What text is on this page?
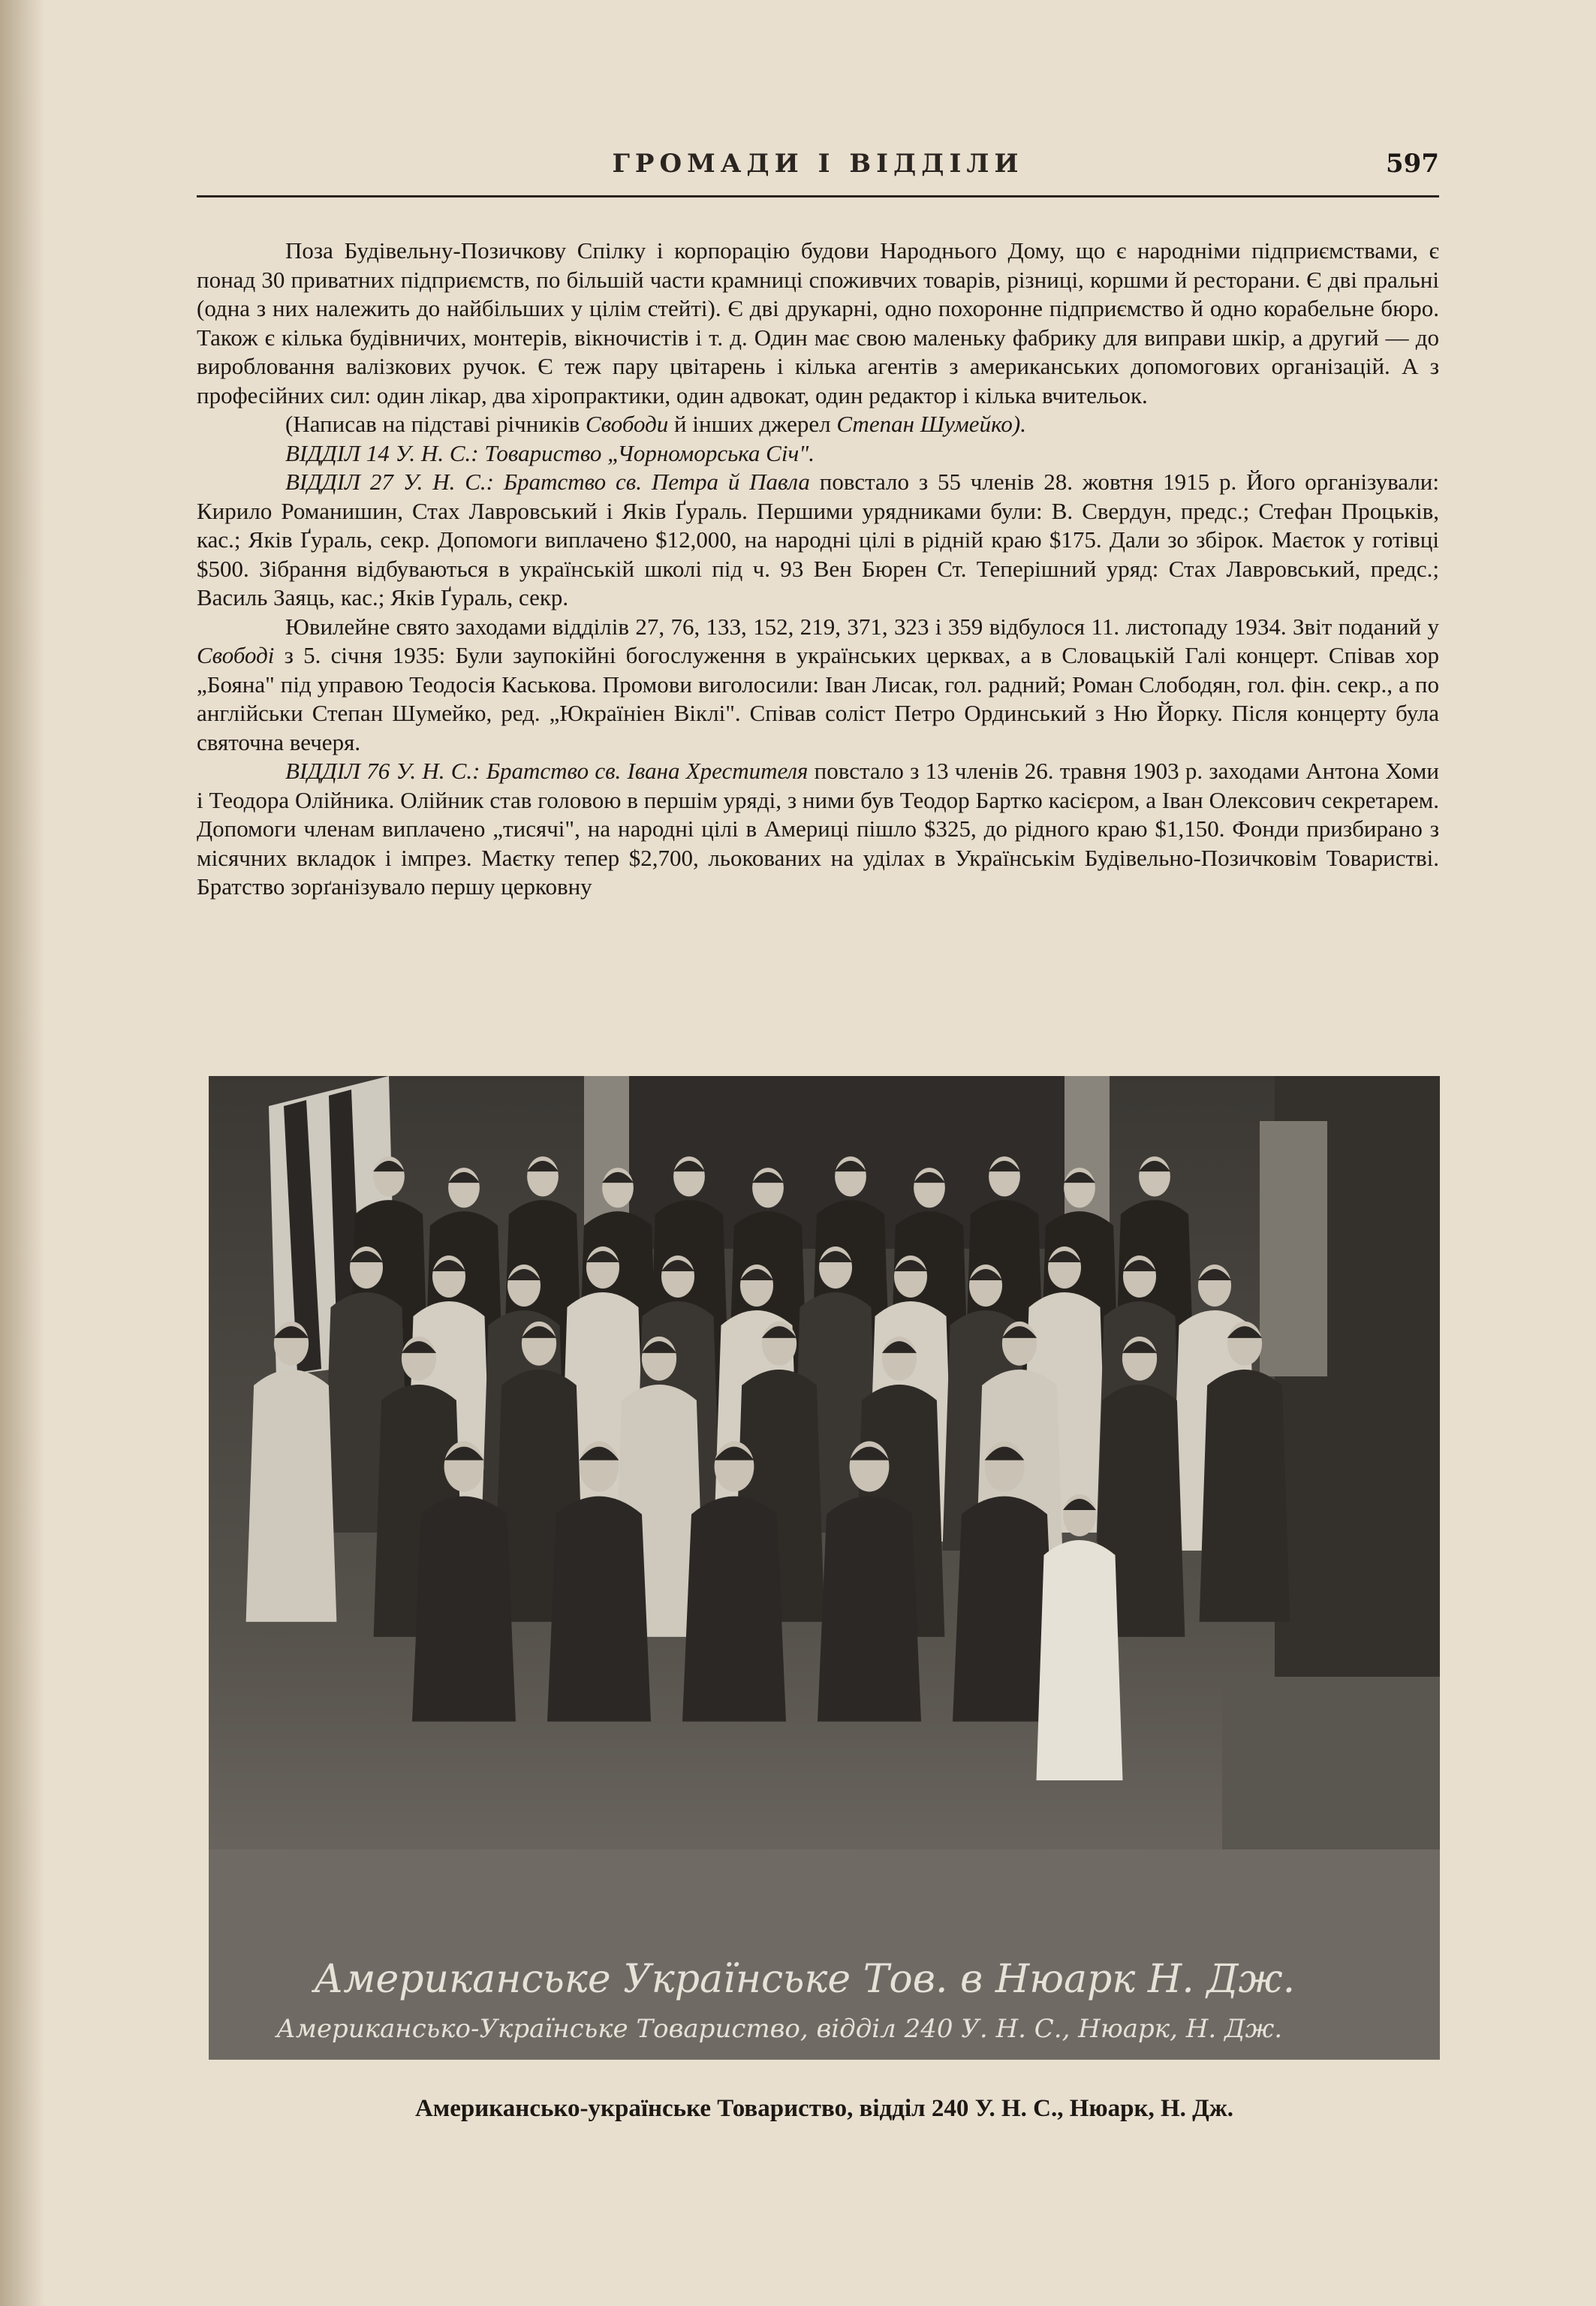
ГРОМАДИ І ВІДДІЛИ	597

Поза Будівельну-Позичкову Спілку і корпорацію будови Народнього Дому, що є народніми підприємствами, є понад 30 приватних підприємств, по більшій части крамниці споживчих товарів, різниці, коршми й ресторани. Є дві пральні (одна з них належить до найбільших у цілім стейті). Є дві друкарні, одно похоронне підприємство й одно корабельне бюро. Також є кілька будівничих, монтерів, вікночистів і т. д. Один має свою маленьку фабрику для виправи шкір, а другий — до виробловання валізкових ручок. Є теж пару цвітарень і кілька агентів з американських допомогових організацій. А з професійних сил: один лікар, два хіропрактики, один адвокат, один редактор і кілька вчительок.

(Написав на підставі річників Свободи й інших джерел Степан Шумейко).

ВІДДІЛ 14 У. Н. С.: Товариство „Чорноморська Січ".

ВІДДІЛ 27 У. Н. С.: Братство св. Петра й Павла повстало з 55 членів 28. жовтня 1915 р. Його організували: Кирило Романишин, Стах Лавровський і Яків Ґураль. Першими урядниками були: В. Свердун, предс.; Стефан Процьків, кас.; Яків Ґураль, секр. Допомоги виплачено $12,000, на народні цілі в рідній краю $175. Дали зо збірок. Маєток у готівці $500. Зібрання відбуваються в українській школі під ч. 93 Вен Бюрен Ст. Теперішний уряд: Стах Лавровський, предс.; Василь Заяць, кас.; Яків Ґураль, секр.

Ювилейне свято заходами відділів 27, 76, 133, 152, 219, 371, 323 і 359 відбулося 11. листопаду 1934. Звіт поданий у Свободі з 5. січня 1935: Були заупокійні богослуження в українських церквах, а в Словацькій Галі концерт. Співав хор „Бояна" під управою Теодосія Каськова. Промови виголосили: Іван Лисак, гол. радний; Роман Слободян, гол. фін. секр., а по англійськи Степан Шумейко, ред. „Юкраїніен Віклі". Співав соліст Петро Ординський з Ню Йорку. Після концерту була святочна вечеря.

ВІДДІЛ 76 У. Н. С.: Братство св. Івана Хрестителя повстало з 13 членів 26. травня 1903 р. заходами Антона Хоми і Теодора Олійника. Олійник став головою в першім уряді, з ними був Теодор Бартко касієром, а Іван Олексович секретарем. Допомоги членам виплачено „тисячі", на народні цілі в Америці пішло $325, до рідного краю $1,150. Фонди призбирано з місячних вкладок і імпрез. Маєтку тепер $2,700, льокованих на уділах в Українськім Будівельно-Позичковім Товаристві. Братство зорґанізувало першу церковну

Американське Українське Тов. в Нюарк Н. Дж.
Американсько-Українське Товариство, відділ 240 У. Н. С., Нюарк, Н. Дж.
Американсько-українське Товариство, відділ 240 У. Н. С., Нюарк, Н. Дж.
